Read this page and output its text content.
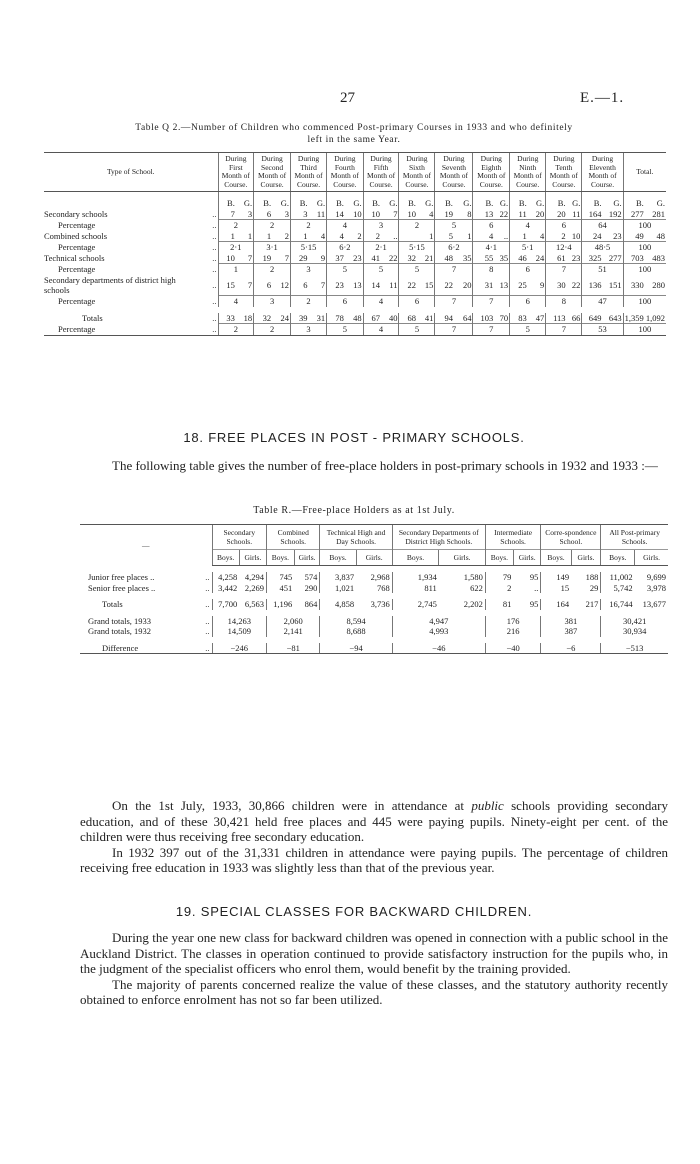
27	E.—1.
Table Q 2.—Number of Children who commenced Post-primary Courses in 1933 and who definitely
left in the same Year.
Type of School.		During First Month of Course.		During Second Month of Course.		During Third Month of Course.		During Fourth Month of Course.		During Fifth Month of Course.		During Sixth Month of Course.		During Seventh Month of Course.		During Eighth Month of Course.		During Ninth Month of Course.		During Tenth Month of Course.		During Eleventh Month of Course.		Total.	
		B.	G.	B.	G.	B.	G.	B.	G.	B.	G.	B.	G.	B.	G.	B.	G.	B.	G.	B.	G.	B.	G.	B.	G.
Secondary schools	..	7	3	6	3	3	11	14	10	10	7	10	4	19	8	13	22	11	20	20	11	164	192	277	281
Percentage	..	2		2		2		4		3		2		5		6		4		6		64		100	
Combined schools	..	1	1	1	2	1	4	4	2	2	..		1	5	1	4	..	1	4	2	10	24	23	49	48
Percentage	..	2·1		3·1		5·15		6·2		2·1		5·15		6·2		4·1		5·1		12·4		48·5		100	
Technical schools	..	10	7	19	7	29	9	37	23	41	22	32	21	48	35	55	35	46	24	61	23	325	277	703	483
Percentage	..	1		2		3		5		5		5		7		8		6		7		51		100	
Secondary departments of district high schools	..	15	7	6	12	6	7	23	13	14	11	22	15	22	20	31	13	25	9	30	22	136	151	330	280
Percentage	..	4		3		2		6		4		6		7		7		6		8		47		100	

Totals	..	33	18	32	24	39	31	78	48	67	40	68	41	94	64	103	70	83	47	113	66	649	643	1,359	1,092
Percentage	..	2		2		3		5		4		5		7		7		5		7		53		100	
18. FREE PLACES IN POST - PRIMARY SCHOOLS.

The following table gives the number of free-place holders in post-primary schools in 1932 and 1933 :—

Table R.—Free-place Holders as at 1st July.
—		Secondary Schools.		Combined Schools.		Technical High and Day Schools.		Secondary Departments of District High Schools.		Intermediate Schools.		Corre-spondence School.		All Post-primary Schools.	
		Boys.	Girls.	Boys.	Girls.	Boys.	Girls.	Boys.	Girls.	Boys.	Girls.	Boys.	Girls.	Boys.	Girls.

Junior free places ..	..	4,258	4,294	745	574	3,837	2,968	1,934	1,580	79	95	149	188	11,002	9,699
Senior free places ..	..	3,442	2,269	451	290	1,021	768	811	622	2	..	15	29	5,742	3,978

Totals	..	7,700	6,563	1,196	864	4,858	3,736	2,745	2,202	81	95	164	217	16,744	13,677

Grand totals, 1933	..	14,263		2,060		8,594		4,947		176		381		30,421	
Grand totals, 1932	..	14,509		2,141		8,688		4,993		216		387		30,934	

Difference	..	−246		−81		−94		−46		−40		−6		−513	

On the 1st July, 1933, 30,866 children were in attendance at public schools providing secondary education, and of these 30,421 held free places and 445 were paying pupils. Ninety-eight per cent. of the children were thus receiving free secondary education.

In 1932 397 out of the 31,331 children in attendance were paying pupils. The percentage of children receiving free education in 1933 was slightly less than that of the previous year.

19. SPECIAL CLASSES FOR BACKWARD CHILDREN.

During the year one new class for backward children was opened in connection with a public school in the Auckland District. The classes in operation continued to provide satisfactory instruction for the pupils who, in the judgment of the specialist officers who enrol them, would benefit by the training provided.

The majority of parents concerned realize the value of these classes, and the statutory authority recently obtained to enforce enrolment has not so far been utilized.
